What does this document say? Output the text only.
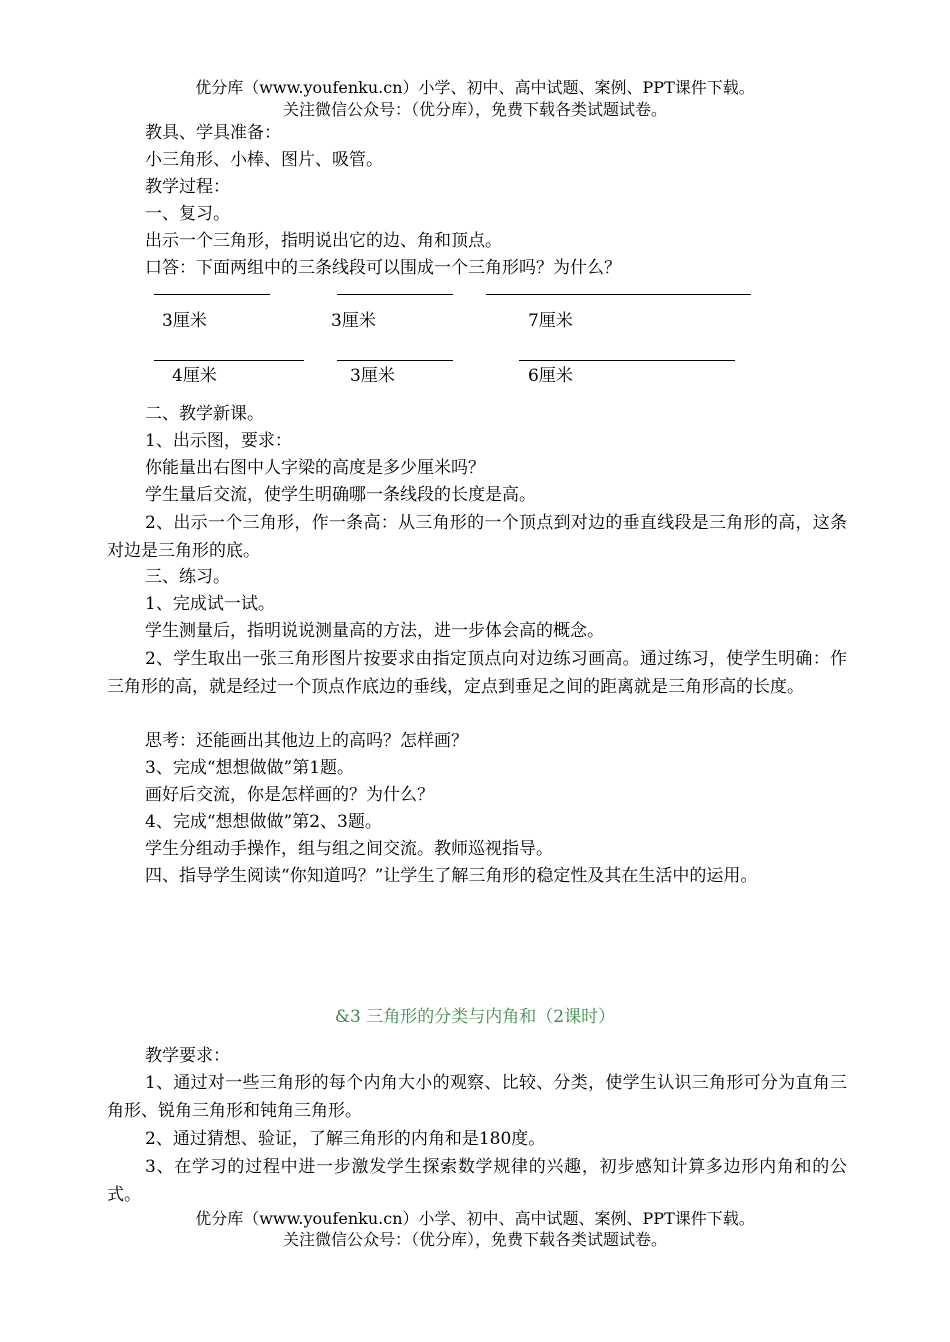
优分库（www.youfenku.cn）小学、初中、高中试题、案例、PPT课件下载。
关注微信公众号：（优分库），免费下载各类试题试卷。
教具、学具准备：
小三角形、小棒、图片、吸管。
教学过程：
一、复习。
出示一个三角形，指明说出它的边、角和顶点。
口答：下面两组中的三条线段可以围成一个三角形吗？为什么？
3厘米	3厘米	7厘米
4厘米	3厘米	6厘米
二、教学新课。
1、出示图，要求：
你能量出右图中人字梁的高度是多少厘米吗？
学生量后交流，使学生明确哪一条线段的长度是高。
2、出示一个三角形，作一条高：从三角形的一个顶点到对边的垂直线段是三角形的高，这条对边是三角形的底。
三、练习。
1、完成试一试。
学生测量后，指明说说测量高的方法，进一步体会高的概念。
2、学生取出一张三角形图片按要求由指定顶点向对边练习画高。通过练习，使学生明确：作三角形的高，就是经过一个顶点作底边的垂线，定点到垂足之间的距离就是三角形高的长度。
思考：还能画出其他边上的高吗？怎样画？
3、完成“想想做做”第1题。
画好后交流，你是怎样画的？为什么？
4、完成“想想做做”第2、3题。
学生分组动手操作，组与组之间交流。教师巡视指导。
四、指导学生阅读“你知道吗？”让学生了解三角形的稳定性及其在生活中的运用。
&3 三角形的分类与内角和（2课时）
教学要求：
1、通过对一些三角形的每个内角大小的观察、比较、分类，使学生认识三角形可分为直角三角形、锐角三角形和钝角三角形。
2、通过猜想、验证，了解三角形的内角和是180度。
3、在学习的过程中进一步激发学生探索数学规律的兴趣，初步感知计算多边形内角和的公式。
优分库（www.youfenku.cn）小学、初中、高中试题、案例、PPT课件下载。
关注微信公众号：（优分库），免费下载各类试题试卷。
